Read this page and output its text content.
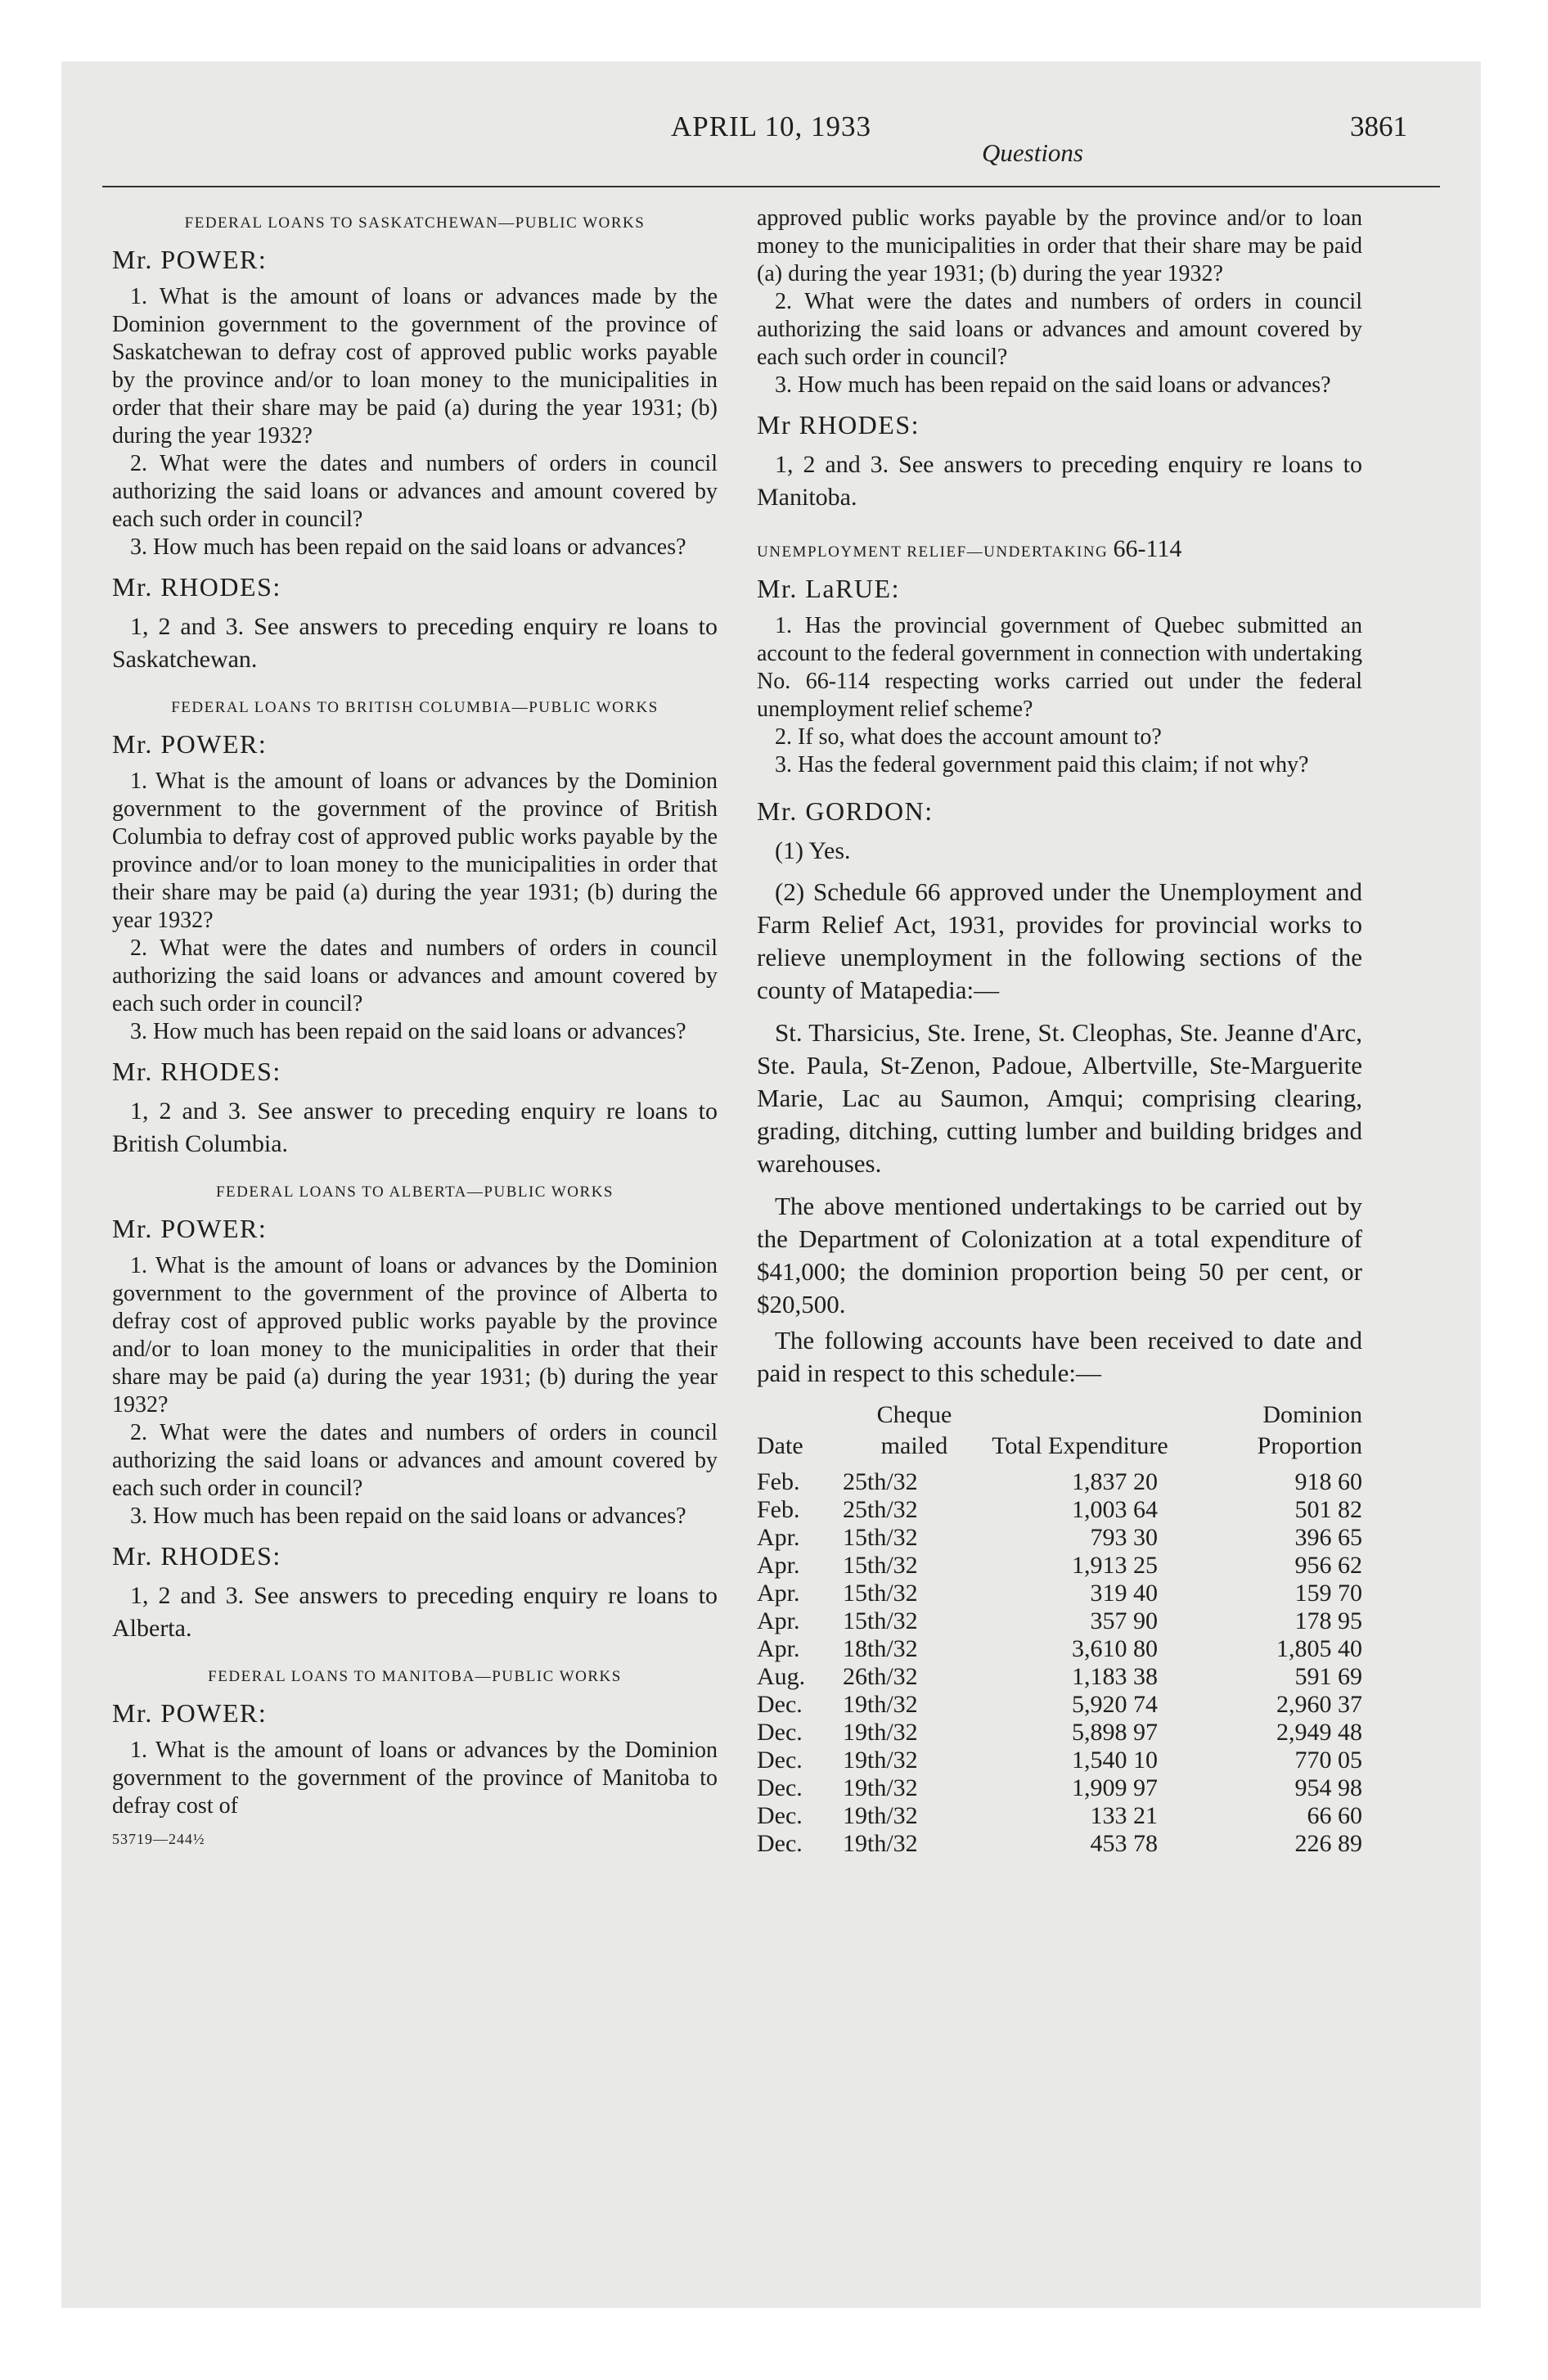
APRIL 10, 1933
Questions
3861

FEDERAL LOANS TO SASKATCHEWAN—PUBLIC WORKS

Mr. POWER:

1. What is the amount of loans or advances made by the Dominion government to the government of the province of Saskatchewan to defray cost of approved public works payable by the province and/or to loan money to the municipalities in order that their share may be paid (a) during the year 1931; (b) during the year 1932?

2. What were the dates and numbers of orders in council authorizing the said loans or advances and amount covered by each such order in council?

3. How much has been repaid on the said loans or advances?

Mr. RHODES:

1, 2 and 3. See answers to preceding enquiry re loans to Saskatchewan.

FEDERAL LOANS TO BRITISH COLUMBIA—PUBLIC WORKS

Mr. POWER:

1. What is the amount of loans or advances by the Dominion government to the government of the province of British Columbia to defray cost of approved public works payable by the province and/or to loan money to the municipalities in order that their share may be paid (a) during the year 1931; (b) during the year 1932?

2. What were the dates and numbers of orders in council authorizing the said loans or advances and amount covered by each such order in council?

3. How much has been repaid on the said loans or advances?

Mr. RHODES:

1, 2 and 3. See answer to preceding enquiry re loans to British Columbia.

FEDERAL LOANS TO ALBERTA—PUBLIC WORKS

Mr. POWER:

1. What is the amount of loans or advances by the Dominion government to the government of the province of Alberta to defray cost of approved public works payable by the province and/or to loan money to the municipalities in order that their share may be paid (a) during the year 1931; (b) during the year 1932?

2. What were the dates and numbers of orders in council authorizing the said loans or advances and amount covered by each such order in council?

3. How much has been repaid on the said loans or advances?

Mr. RHODES:

1, 2 and 3. See answers to preceding enquiry re loans to Alberta.

FEDERAL LOANS TO MANITOBA—PUBLIC WORKS

Mr. POWER:

1. What is the amount of loans or advances by the Dominion government to the government of the province of Manitoba to defray cost of

53719—244½

approved public works payable by the province and/or to loan money to the municipalities in order that their share may be paid (a) during the year 1931; (b) during the year 1932?

2. What were the dates and numbers of orders in council authorizing the said loans or advances and amount covered by each such order in council?

3. How much has been repaid on the said loans or advances?

Mr RHODES:

1, 2 and 3. See answers to preceding enquiry re loans to Manitoba.

UNEMPLOYMENT RELIEF—UNDERTAKING 66-114

Mr. LaRUE:

1. Has the provincial government of Quebec submitted an account to the federal government in connection with undertaking No. 66-114 respecting works carried out under the federal unemployment relief scheme?

2. If so, what does the account amount to?

3. Has the federal government paid this claim; if not why?

Mr. GORDON:

(1) Yes.

(2) Schedule 66 approved under the Unemployment and Farm Relief Act, 1931, provides for provincial works to relieve unemployment in the following sections of the county of Matapedia:—

St. Tharsicius, Ste. Irene, St. Cleophas, Ste. Jeanne d'Arc, Ste. Paula, St-Zenon, Padoue, Albertville, Ste-Marguerite Marie, Lac au Saumon, Amqui; comprising clearing, grading, ditching, cutting lumber and building bridges and warehouses.

The above mentioned undertakings to be carried out by the Department of Colonization at a total expenditure of $41,000; the dominion proportion being 50 per cent, or $20,500.

The following accounts have been received to date and paid in respect to this schedule:—

Date	Cheque mailed	Total Expenditure	Dominion Proportion
Feb.	25th/32	1,837 20	918 60
Feb.	25th/32	1,003 64	501 82
Apr.	15th/32	793 30	396 65
Apr.	15th/32	1,913 25	956 62
Apr.	15th/32	319 40	159 70
Apr.	15th/32	357 90	178 95
Apr.	18th/32	3,610 80	1,805 40
Aug.	26th/32	1,183 38	591 69
Dec.	19th/32	5,920 74	2,960 37
Dec.	19th/32	5,898 97	2,949 48
Dec.	19th/32	1,540 10	770 05
Dec.	19th/32	1,909 97	954 98
Dec.	19th/32	133 21	66 60
Dec.	19th/32	453 78	226 89
